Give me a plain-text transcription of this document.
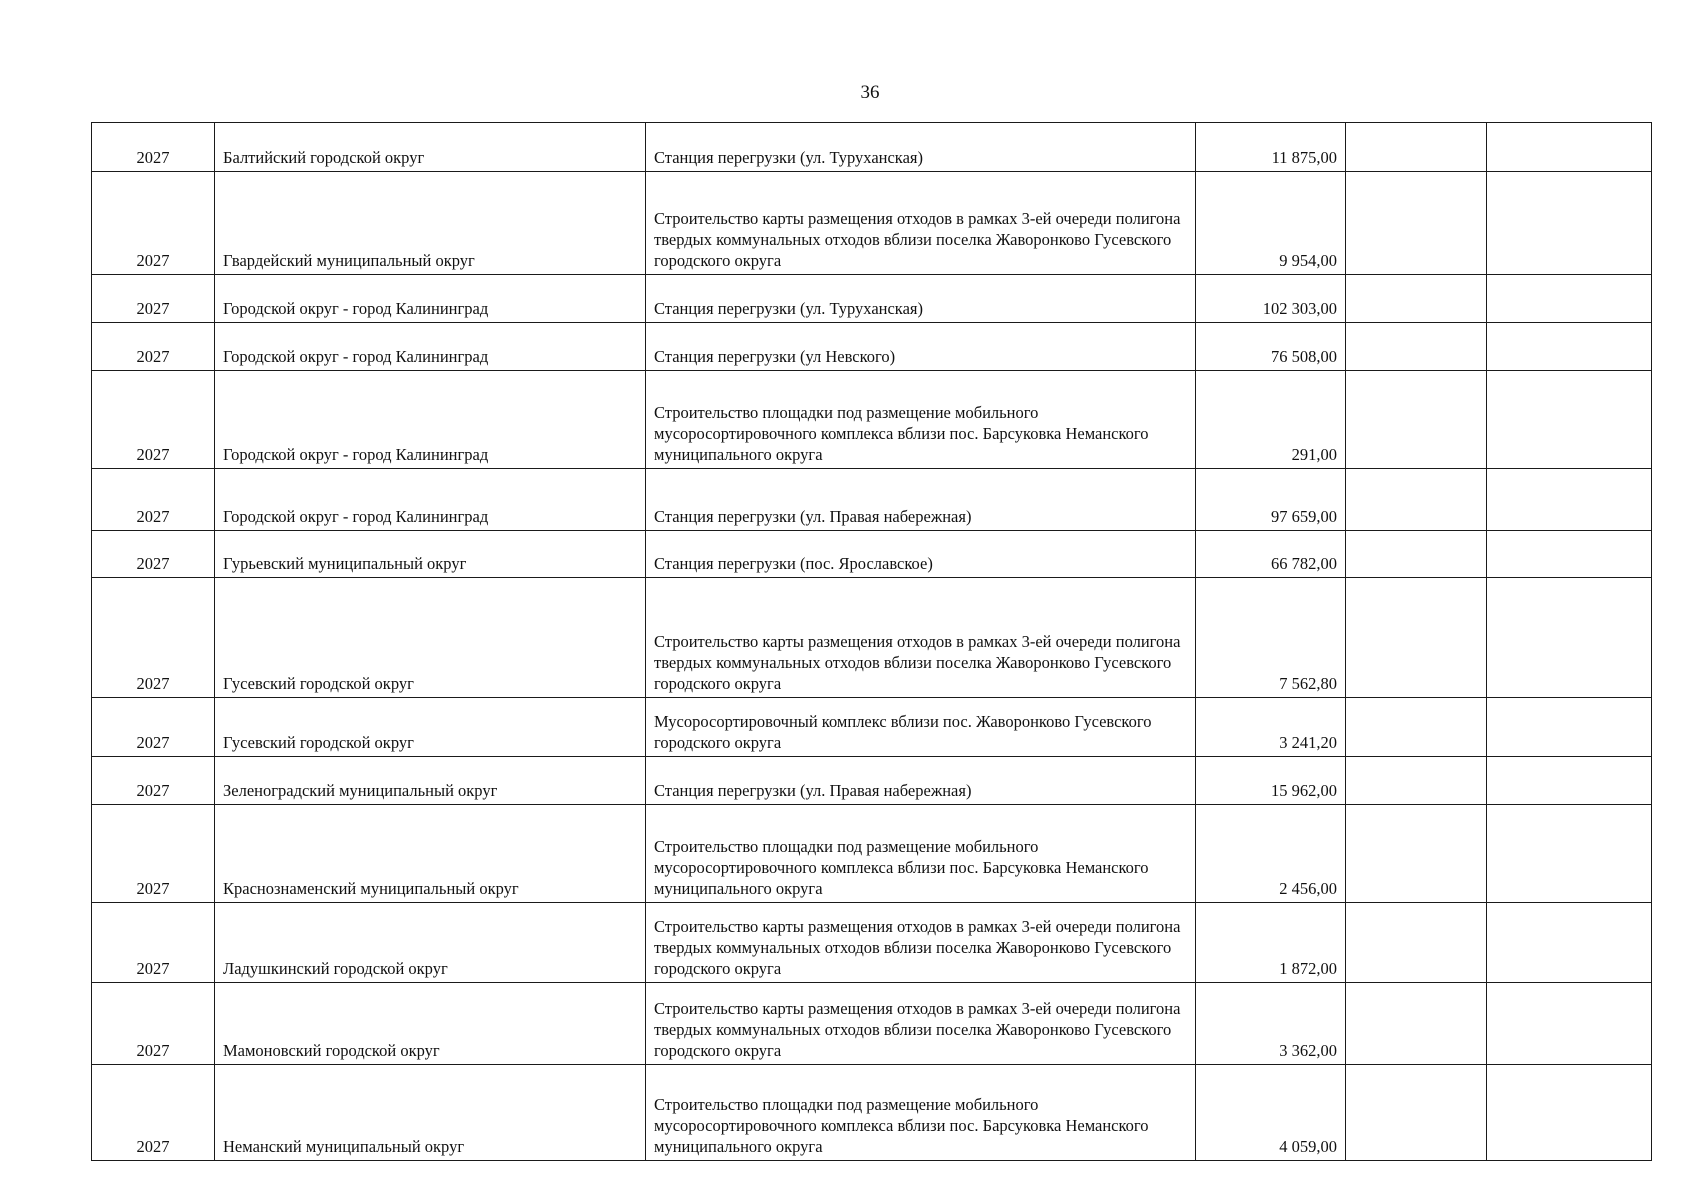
36
2027	Балтийский городской округ	Станция перегрузки (ул. Туруханская)	11 875,00		
2027	Гвардейский муниципальный округ	Строительство карты размещения отходов в рамках 3-ей очереди полигона твердых коммунальных отходов вблизи поселка Жаворонково Гусевского городского округа	9 954,00		
2027	Городской округ - город Калининград	Станция перегрузки (ул. Туруханская)	102 303,00		
2027	Городской округ - город Калининград	Станция перегрузки (ул Невского)	76 508,00		
2027	Городской округ - город Калининград	Строительство площадки под размещение мобильного мусоросортировочного комплекса вблизи пос. Барсуковка Неманского муниципального округа	291,00		
2027	Городской округ - город Калининград	Станция перегрузки (ул. Правая набережная)	97 659,00		
2027	Гурьевский муниципальный округ	Станция перегрузки (пос. Ярославское)	66 782,00		
2027	Гусевский городской округ	Строительство карты размещения отходов в рамках 3-ей очереди полигона твердых коммунальных отходов вблизи поселка Жаворонково Гусевского городского округа	7 562,80		
2027	Гусевский городской округ	Мусоросортировочный комплекс вблизи пос. Жаворонково Гусевского городского округа	3 241,20		
2027	Зеленоградский муниципальный округ	Станция перегрузки (ул. Правая набережная)	15 962,00		
2027	Краснознаменский муниципальный округ	Строительство площадки под размещение мобильного мусоросортировочного комплекса вблизи пос. Барсуковка Неманского муниципального округа	2 456,00		
2027	Ладушкинский городской округ	Строительство карты размещения отходов в рамках 3-ей очереди полигона твердых коммунальных отходов вблизи поселка Жаворонково Гусевского городского округа	1 872,00		
2027	Мамоновский городской округ	Строительство карты размещения отходов в рамках 3-ей очереди полигона твердых коммунальных отходов вблизи поселка Жаворонково Гусевского городского округа	3 362,00		
2027	Неманский муниципальный округ	Строительство площадки под размещение мобильного мусоросортировочного комплекса вблизи пос. Барсуковка Неманского муниципального округа	4 059,00		
